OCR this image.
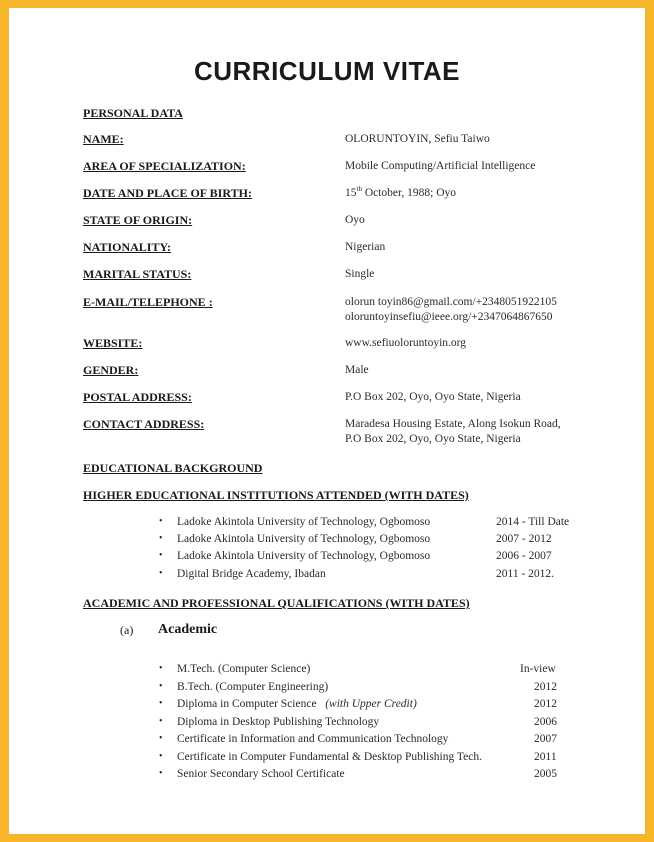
CURRICULUM VITAE
PERSONAL DATA
NAME:	OLORUNTOYIN, Sefiu Taiwo
AREA OF SPECIALIZATION:	Mobile Computing/Artificial Intelligence
DATE AND PLACE OF BIRTH:	15th October, 1988; Oyo
STATE OF ORIGIN:	Oyo
NATIONALITY:	Nigerian
MARITAL STATUS:	Single
E-MAIL/TELEPHONE :	olorun toyin86@gmail.com/+2348051922105
oloruntoyinsefiu@ieee.org/+2347064867650
WEBSITE:	www.sefiuoloruntoyin.org
GENDER:	Male
POSTAL ADDRESS:	P.O Box 202, Oyo, Oyo State, Nigeria
CONTACT ADDRESS:	Maradesa Housing Estate, Along Isokun Road,
P.O Box 202, Oyo, Oyo State, Nigeria
EDUCATIONAL BACKGROUND
HIGHER EDUCATIONAL INSTITUTIONS ATTENDED (WITH DATES)
• Ladoke Akintola University of Technology, Ogbomoso	2014 - Till Date
• Ladoke Akintola University of Technology, Ogbomoso	2007 - 2012
• Ladoke Akintola University of Technology, Ogbomoso	2006 - 2007
• Digital Bridge Academy, Ibadan	2011 - 2012.
ACADEMIC AND PROFESSIONAL QUALIFICATIONS (WITH DATES)
(a) Academic
• M.Tech. (Computer Science)	In-view
• B.Tech. (Computer Engineering)	2012
• Diploma in Computer Science   (with Upper Credit)	2012
• Diploma in Desktop Publishing Technology	2006
• Certificate in Information and Communication Technology	2007
• Certificate in Computer Fundamental & Desktop Publishing Tech.	2011
• Senior Secondary School Certificate	2005
